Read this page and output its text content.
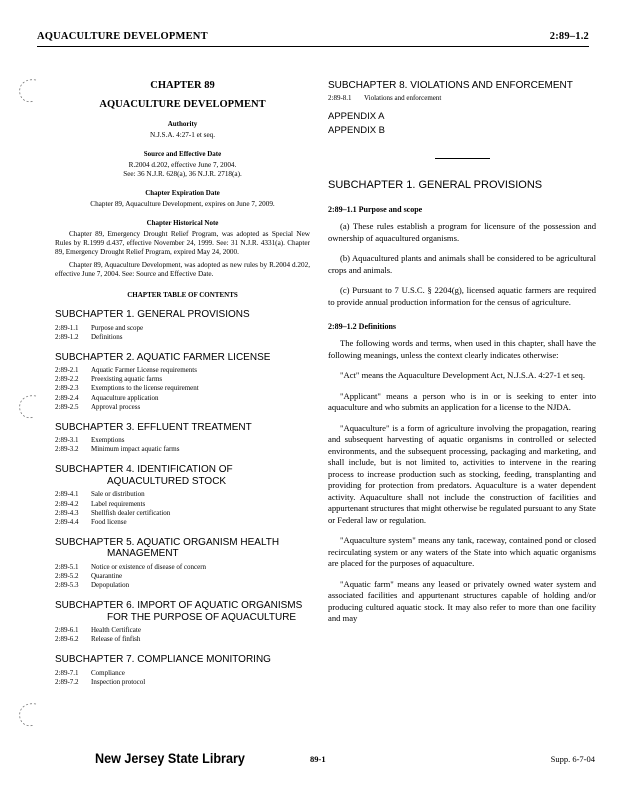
AQUACULTURE DEVELOPMENT	2:89–1.2
CHAPTER 89
AQUACULTURE DEVELOPMENT
Authority
N.J.S.A. 4:27-1 et seq.
Source and Effective Date
R.2004 d.202, effective June 7, 2004.
See: 36 N.J.R. 628(a), 36 N.J.R. 2718(a).
Chapter Expiration Date
Chapter 89, Aquaculture Development, expires on June 7, 2009.
Chapter Historical Note
Chapter 89, Emergency Drought Relief Program, was adopted as Special New Rules by R.1999 d.437, effective November 24, 1999. See: 31 N.J.R. 4331(a). Chapter 89, Emergency Drought Relief Program, expired May 24, 2000.
Chapter 89, Aquaculture Development, was adopted as new rules by R.2004 d.202, effective June 7, 2004. See: Source and Effective Date.
CHAPTER TABLE OF CONTENTS
SUBCHAPTER 1. GENERAL PROVISIONS
2:89-1.1	Purpose and scope
2:89-1.2	Definitions
SUBCHAPTER 2. AQUATIC FARMER LICENSE
2:89-2.1	Aquatic Farmer License requirements
2:89-2.2	Preexisting aquatic farms
2:89-2.3	Exemptions to the license requirement
2:89-2.4	Aquaculture application
2:89-2.5	Approval process
SUBCHAPTER 3. EFFLUENT TREATMENT
2:89-3.1	Exemptions
2:89-3.2	Minimum impact aquatic farms
SUBCHAPTER 4. IDENTIFICATION OF
AQUACULTURED STOCK
2:89-4.1	Sale or distribution
2:89-4.2	Label requirements
2:89-4.3	Shellfish dealer certification
2:89-4.4	Food license
SUBCHAPTER 5. AQUATIC ORGANISM HEALTH
MANAGEMENT
2:89-5.1	Notice or existence of disease of concern
2:89-5.2	Quarantine
2:89-5.3	Depopulation
SUBCHAPTER 6. IMPORT OF AQUATIC ORGANISMS
FOR THE PURPOSE OF AQUACULTURE
2:89-6.1	Health Certificate
2:89-6.2	Release of finfish
SUBCHAPTER 7. COMPLIANCE MONITORING
2:89-7.1	Compliance
2:89-7.2	Inspection protocol
SUBCHAPTER 8. VIOLATIONS AND ENFORCEMENT
2:89-8.1	Violations and enforcement
APPENDIX A
APPENDIX B
SUBCHAPTER 1. GENERAL PROVISIONS
2:89–1.1 Purpose and scope
(a) These rules establish a program for licensure of the possession and ownership of aquacultured organisms.
(b) Aquacultured plants and animals shall be considered to be agricultural crops and animals.
(c) Pursuant to 7 U.S.C. § 2204(g), licensed aquatic farmers are required to provide annual production information for the census of agriculture.
2:89–1.2 Definitions
The following words and terms, when used in this chapter, shall have the following meanings, unless the context clearly indicates otherwise:
"Act" means the Aquaculture Development Act, N.J.S.A. 4:27-1 et seq.
"Applicant" means a person who is in or is seeking to enter into aquaculture and who submits an application for a license to the NJDA.
"Aquaculture" is a form of agriculture involving the propagation, rearing and subsequent harvesting of aquatic organisms in controlled or selected environments, and the subsequent processing, packaging and marketing, and shall include, but is not limited to, activities to intervene in the rearing process to increase production such as stocking, feeding, transplanting and providing for protection from predators. Aquaculture is a water dependent activity. Aquaculture shall not include the construction of facilities and appurtenant structures that might otherwise be regulated pursuant to any State or Federal law or regulation.
"Aquaculture system" means any tank, raceway, contained pond or closed recirculating system or any waters of the State into which aquatic organisms are placed for the purposes of aquaculture.
"Aquatic farm" means any leased or privately owned water system and associated facilities and appurtenant structures capable of holding and/or producing cultured aquatic stock. It may also refer to more than one facility and may
New Jersey State Library	89-1	Supp. 6-7-04
